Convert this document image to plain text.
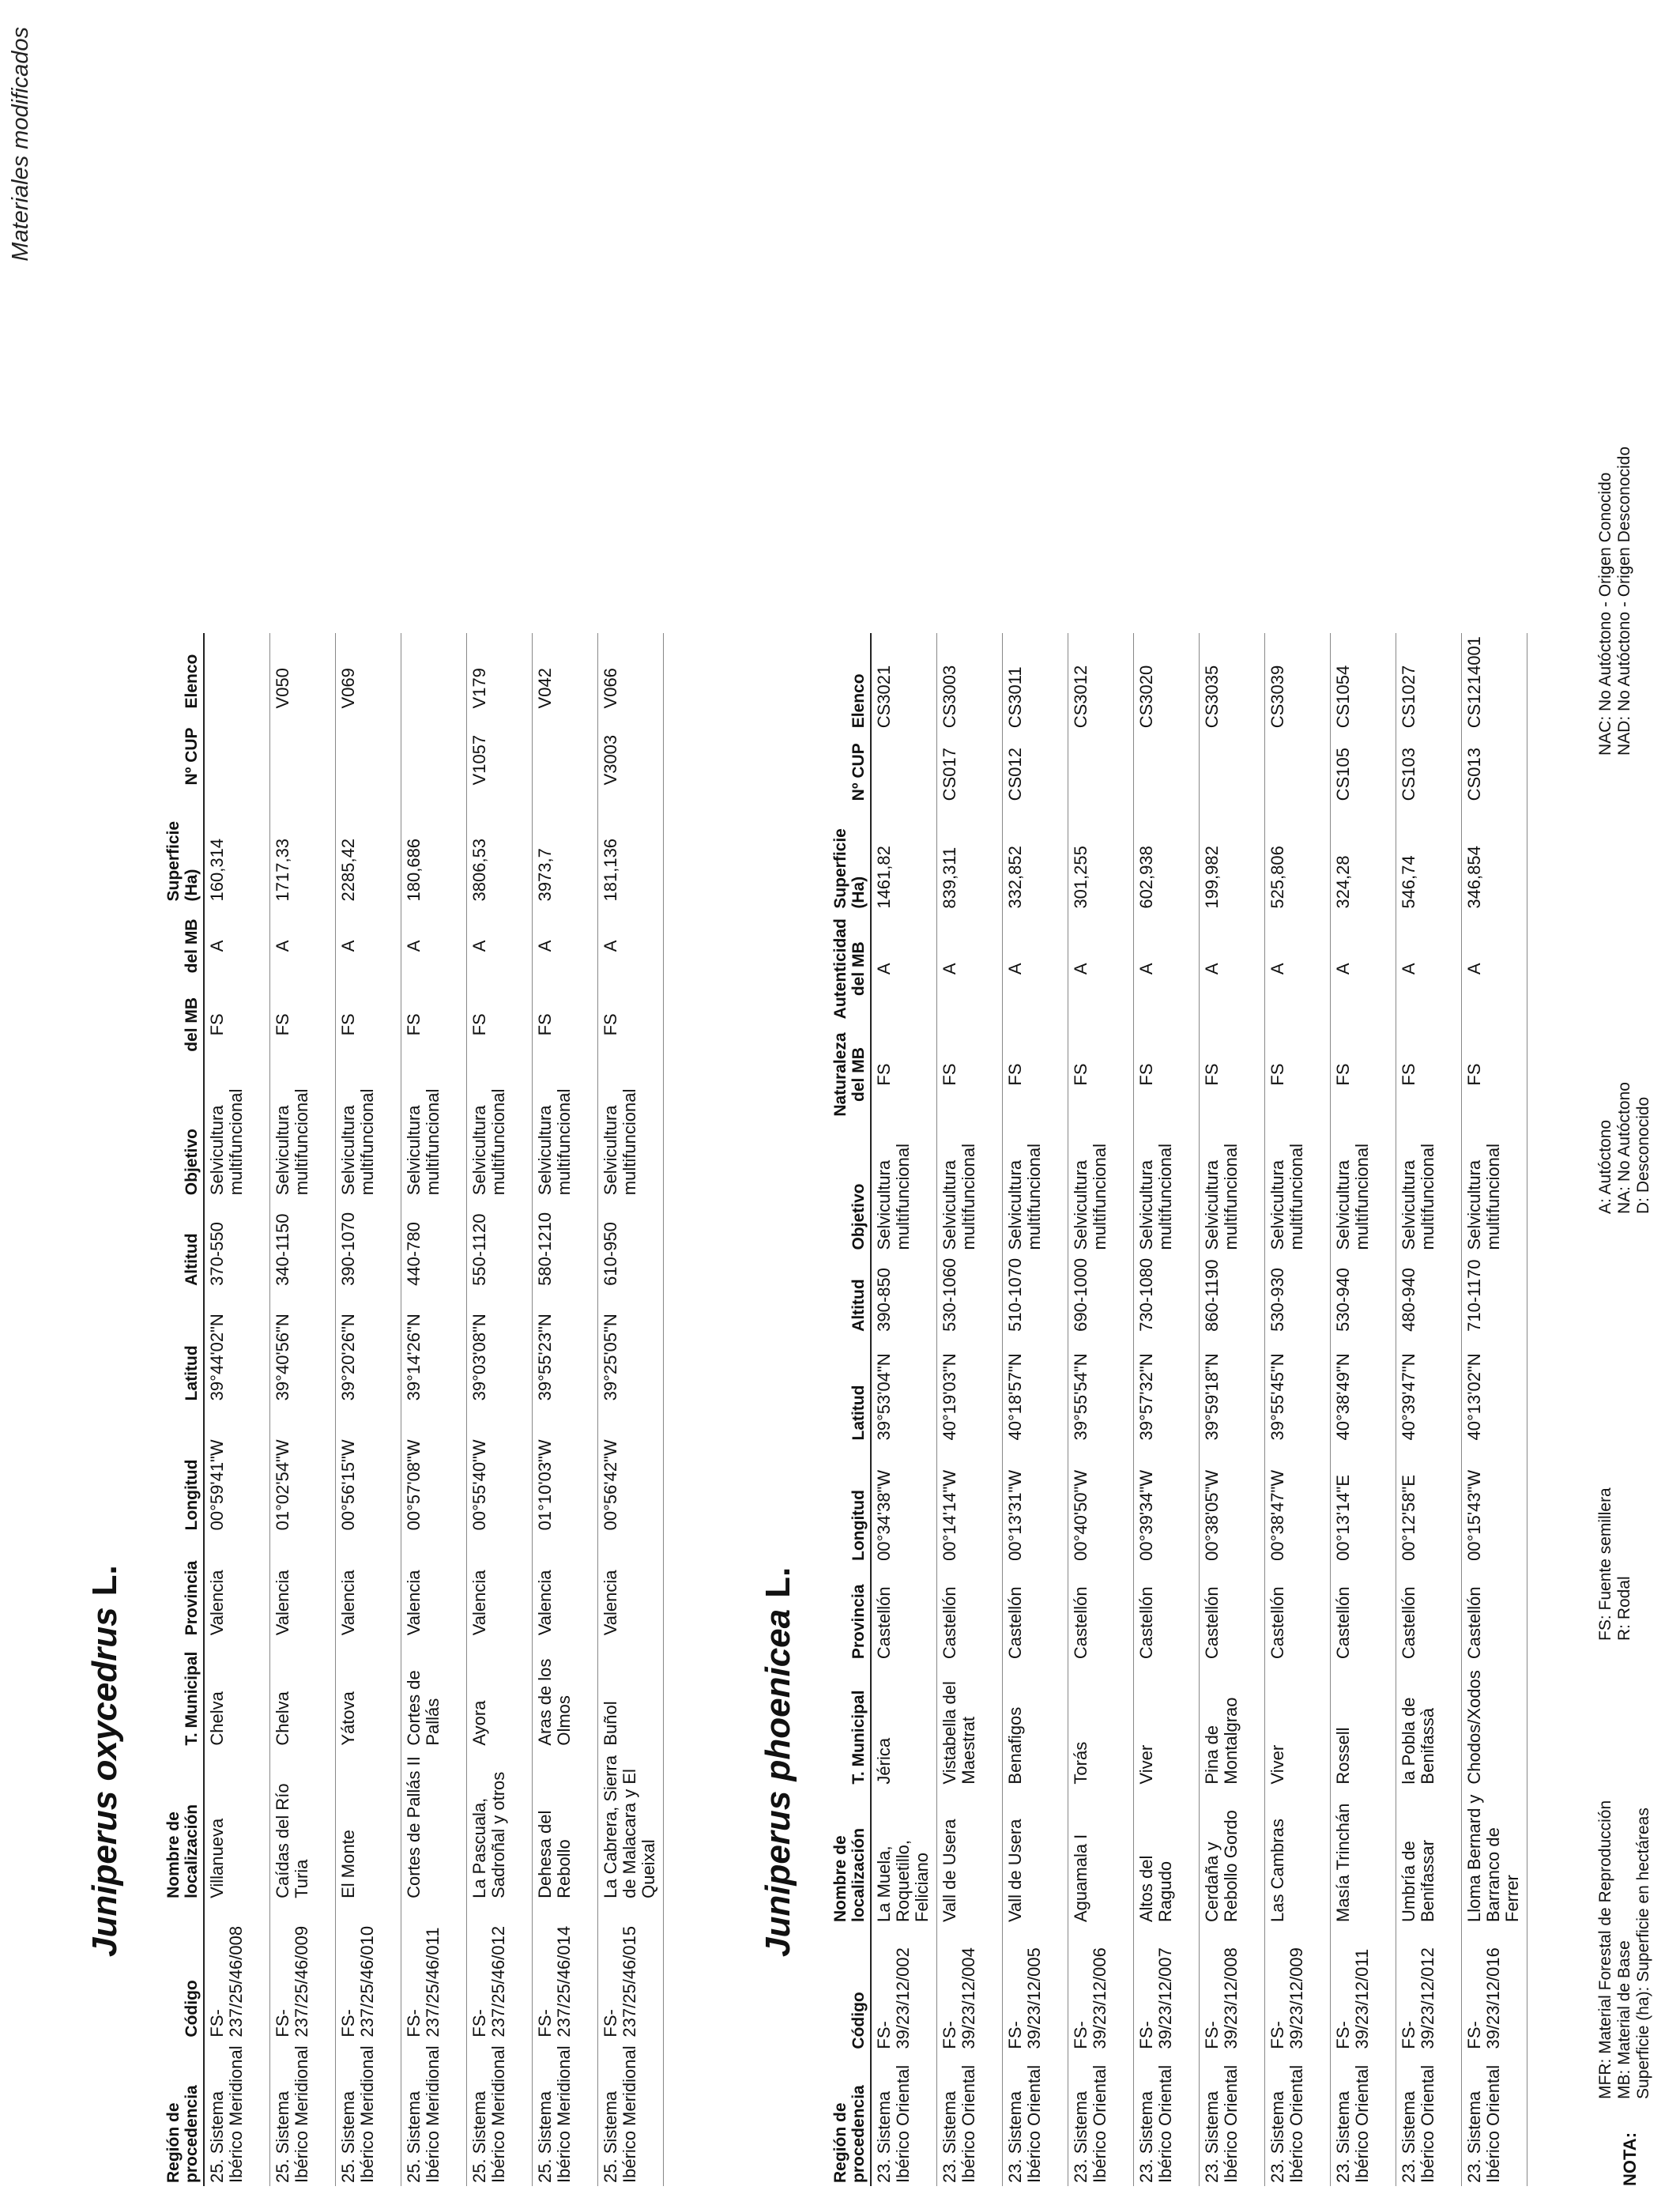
Materiales modificados
Juniperus oxycedrusL.
Región de procedencia	Código	Nombre de localización	T. Municipal	Provincia	Longitud	Latitud	Altitud	Objetivo	del MB	del MB	Superficie (Ha)	Nº CUP	Elenco
25. Sistema Ibérico Meridional	FS-237/25/46/008	Villanueva	Chelva	Valencia	00°59'41"W	39°44'02"N	370-550	Selvicultura multifuncional	FS	A	160,314		
25. Sistema Ibérico Meridional	FS-237/25/46/009	Caídas del Río Turia	Chelva	Valencia	01°02'54"W	39°40'56"N	340-1150	Selvicultura multifuncional	FS	A	1717,33		V050
25. Sistema Ibérico Meridional	FS-237/25/46/010	El Monte	Yátova	Valencia	00°56'15"W	39°20'26"N	390-1070	Selvicultura multifuncional	FS	A	2285,42		V069
25. Sistema Ibérico Meridional	FS-237/25/46/011	Cortes de Pallás II	Cortes de Pallás	Valencia	00°57'08"W	39°14'26"N	440-780	Selvicultura multifuncional	FS	A	180,686		
25. Sistema Ibérico Meridional	FS-237/25/46/012	La Pascuala, Sadroñal y otros	Ayora	Valencia	00°55'40"W	39°03'08"N	550-1120	Selvicultura multifuncional	FS	A	3806,53	V1057	V179
25. Sistema Ibérico Meridional	FS-237/25/46/014	Dehesa del Rebollo	Aras de los Olmos	Valencia	01°10'03"W	39°55'23"N	580-1210	Selvicultura multifuncional	FS	A	3973,7		V042
25. Sistema Ibérico Meridional	FS-237/25/46/015	La Cabrera, Sierra de Malacara y El Queixal	Buñol	Valencia	00°56'42"W	39°25'05"N	610-950	Selvicultura multifuncional	FS	A	181,136	V3003	V066
Juniperus phoeniceaL.
Región de procedencia	Código	Nombre de localización	T. Municipal	Provincia	Longitud	Latitud	Altitud	Objetivo	Naturaleza del MB	Autenticidad del MB	Superficie (Ha)	Nº CUP	Elenco
23. Sistema Ibérico Oriental	FS-39/23/12/002	La Muela, Roquetillo, Feliciano	Jérica	Castellón	00°34'38"W	39°53'04"N	390-850	Selvicultura multifuncional	FS	A	1461,82		CS3021
23. Sistema Ibérico Oriental	FS-39/23/12/004	Vall de Usera	Vistabella del Maestrat	Castellón	00°14'14"W	40°19'03"N	530-1060	Selvicultura multifuncional	FS	A	839,311	CS017	CS3003
23. Sistema Ibérico Oriental	FS-39/23/12/005	Vall de Usera	Benafigos	Castellón	00°13'31"W	40°18'57"N	510-1070	Selvicultura multifuncional	FS	A	332,852	CS012	CS3011
23. Sistema Ibérico Oriental	FS-39/23/12/006	Aguamala I	Torás	Castellón	00°40'50"W	39°55'54"N	690-1000	Selvicultura multifuncional	FS	A	301,255		CS3012
23. Sistema Ibérico Oriental	FS-39/23/12/007	Altos del Ragudo	Viver	Castellón	00°39'34"W	39°57'32"N	730-1080	Selvicultura multifuncional	FS	A	602,938		CS3020
23. Sistema Ibérico Oriental	FS-39/23/12/008	Cerdaña y Rebollo Gordo	Pina de Montalgrao	Castellón	00°38'05"W	39°59'18"N	860-1190	Selvicultura multifuncional	FS	A	199,982		CS3035
23. Sistema Ibérico Oriental	FS-39/23/12/009	Las Cambras	Viver	Castellón	00°38'47"W	39°55'45"N	530-930	Selvicultura multifuncional	FS	A	525,806		CS3039
23. Sistema Ibérico Oriental	FS-39/23/12/011	Masía Trinchán	Rossell	Castellón	00°13'14"E	40°38'49"N	530-940	Selvicultura multifuncional	FS	A	324,28	CS105	CS1054
23. Sistema Ibérico Oriental	FS-39/23/12/012	Umbría de Benifassar	la Pobla de Benifassà	Castellón	00°12'58"E	40°39'47"N	480-940	Selvicultura multifuncional	FS	A	546,74	CS103	CS1027
23. Sistema Ibérico Oriental	FS-39/23/12/016	Lloma Bernard y Barranco de Ferrer	Chodos/Xodos	Castellón	00°15'43"W	40°13'02"N	710-1170	Selvicultura multifuncional	FS	A	346,854	CS013	CS1214001
NOTA:
MFR: Material Forestal de Reproducción MB: Material de Base Superficie (ha): Superficie en hectáreas
FS: Fuente semillera R: Rodal
A: Autóctono NA: No Autóctono D: Desconocido
NAC: No Autóctono - Origen Conocido NAD: No Autóctono - Origen Desconocido
